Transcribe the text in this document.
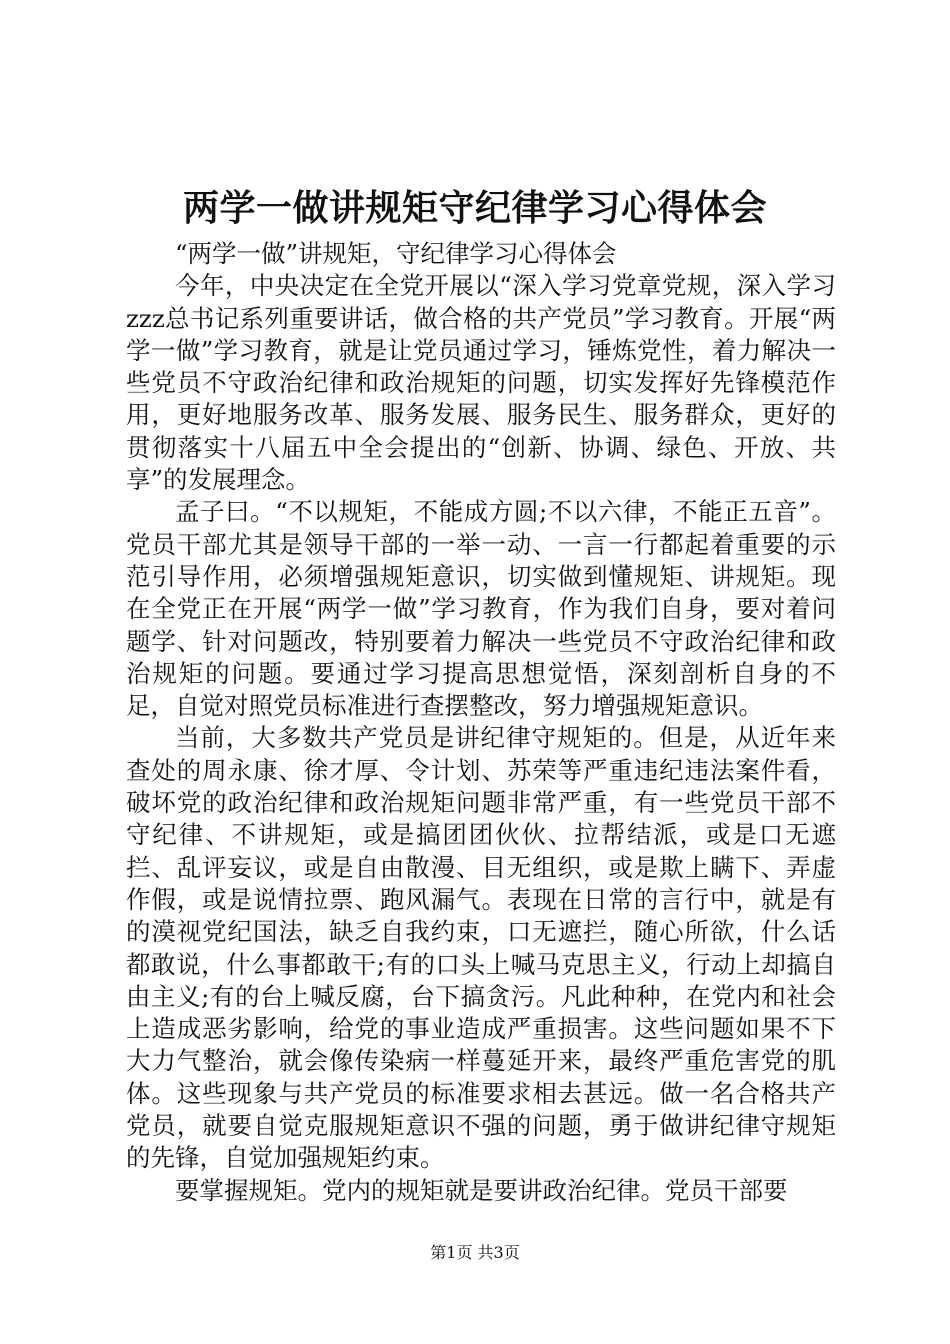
两学一做讲规矩守纪律学习心得体会

“两学一做”讲规矩，守纪律学习心得体会

今年，中央决定在全党开展以“深入学习党章党规，深入学习zzz总书记系列重要讲话，做合格的共产党员”学习教育。开展“两学一做”学习教育，就是让党员通过学习，锤炼党性，着力解决一些党员不守政治纪律和政治规矩的问题，切实发挥好先锋模范作用，更好地服务改革、服务发展、服务民生、服务群众，更好的贯彻落实十八届五中全会提出的“创新、协调、绿色、开放、共享”的发展理念。

孟子曰。“不以规矩，不能成方圆;不以六律，不能正五音”。党员干部尤其是领导干部的一举一动、一言一行都起着重要的示范引导作用，必须增强规矩意识，切实做到懂规矩、讲规矩。现在全党正在开展“两学一做”学习教育，作为我们自身，要对着问题学、针对问题改，特别要着力解决一些党员不守政治纪律和政治规矩的问题。要通过学习提高思想觉悟，深刻剖析自身的不足，自觉对照党员标准进行查摆整改，努力增强规矩意识。

当前，大多数共产党员是讲纪律守规矩的。但是，从近年来查处的周永康、徐才厚、令计划、苏荣等严重违纪违法案件看，破坏党的政治纪律和政治规矩问题非常严重，有一些党员干部不守纪律、不讲规矩，或是搞团团伙伙、拉帮结派，或是口无遮拦、乱评妄议，或是自由散漫、目无组织，或是欺上瞒下、弄虚作假，或是说情拉票、跑风漏气。表现在日常的言行中，就是有的漠视党纪国法，缺乏自我约束，口无遮拦，随心所欲，什么话都敢说，什么事都敢干;有的口头上喊马克思主义，行动上却搞自由主义;有的台上喊反腐，台下搞贪污。凡此种种，在党内和社会上造成恶劣影响，给党的事业造成严重损害。这些问题如果不下大力气整治，就会像传染病一样蔓延开来，最终严重危害党的肌体。这些现象与共产党员的标准要求相去甚远。做一名合格共产党员，就要自觉克服规矩意识不强的问题，勇于做讲纪律守规矩的先锋，自觉加强规矩约束。

要掌握规矩。党内的规矩就是要讲政治纪律。党员干部要

第1页 共3页
